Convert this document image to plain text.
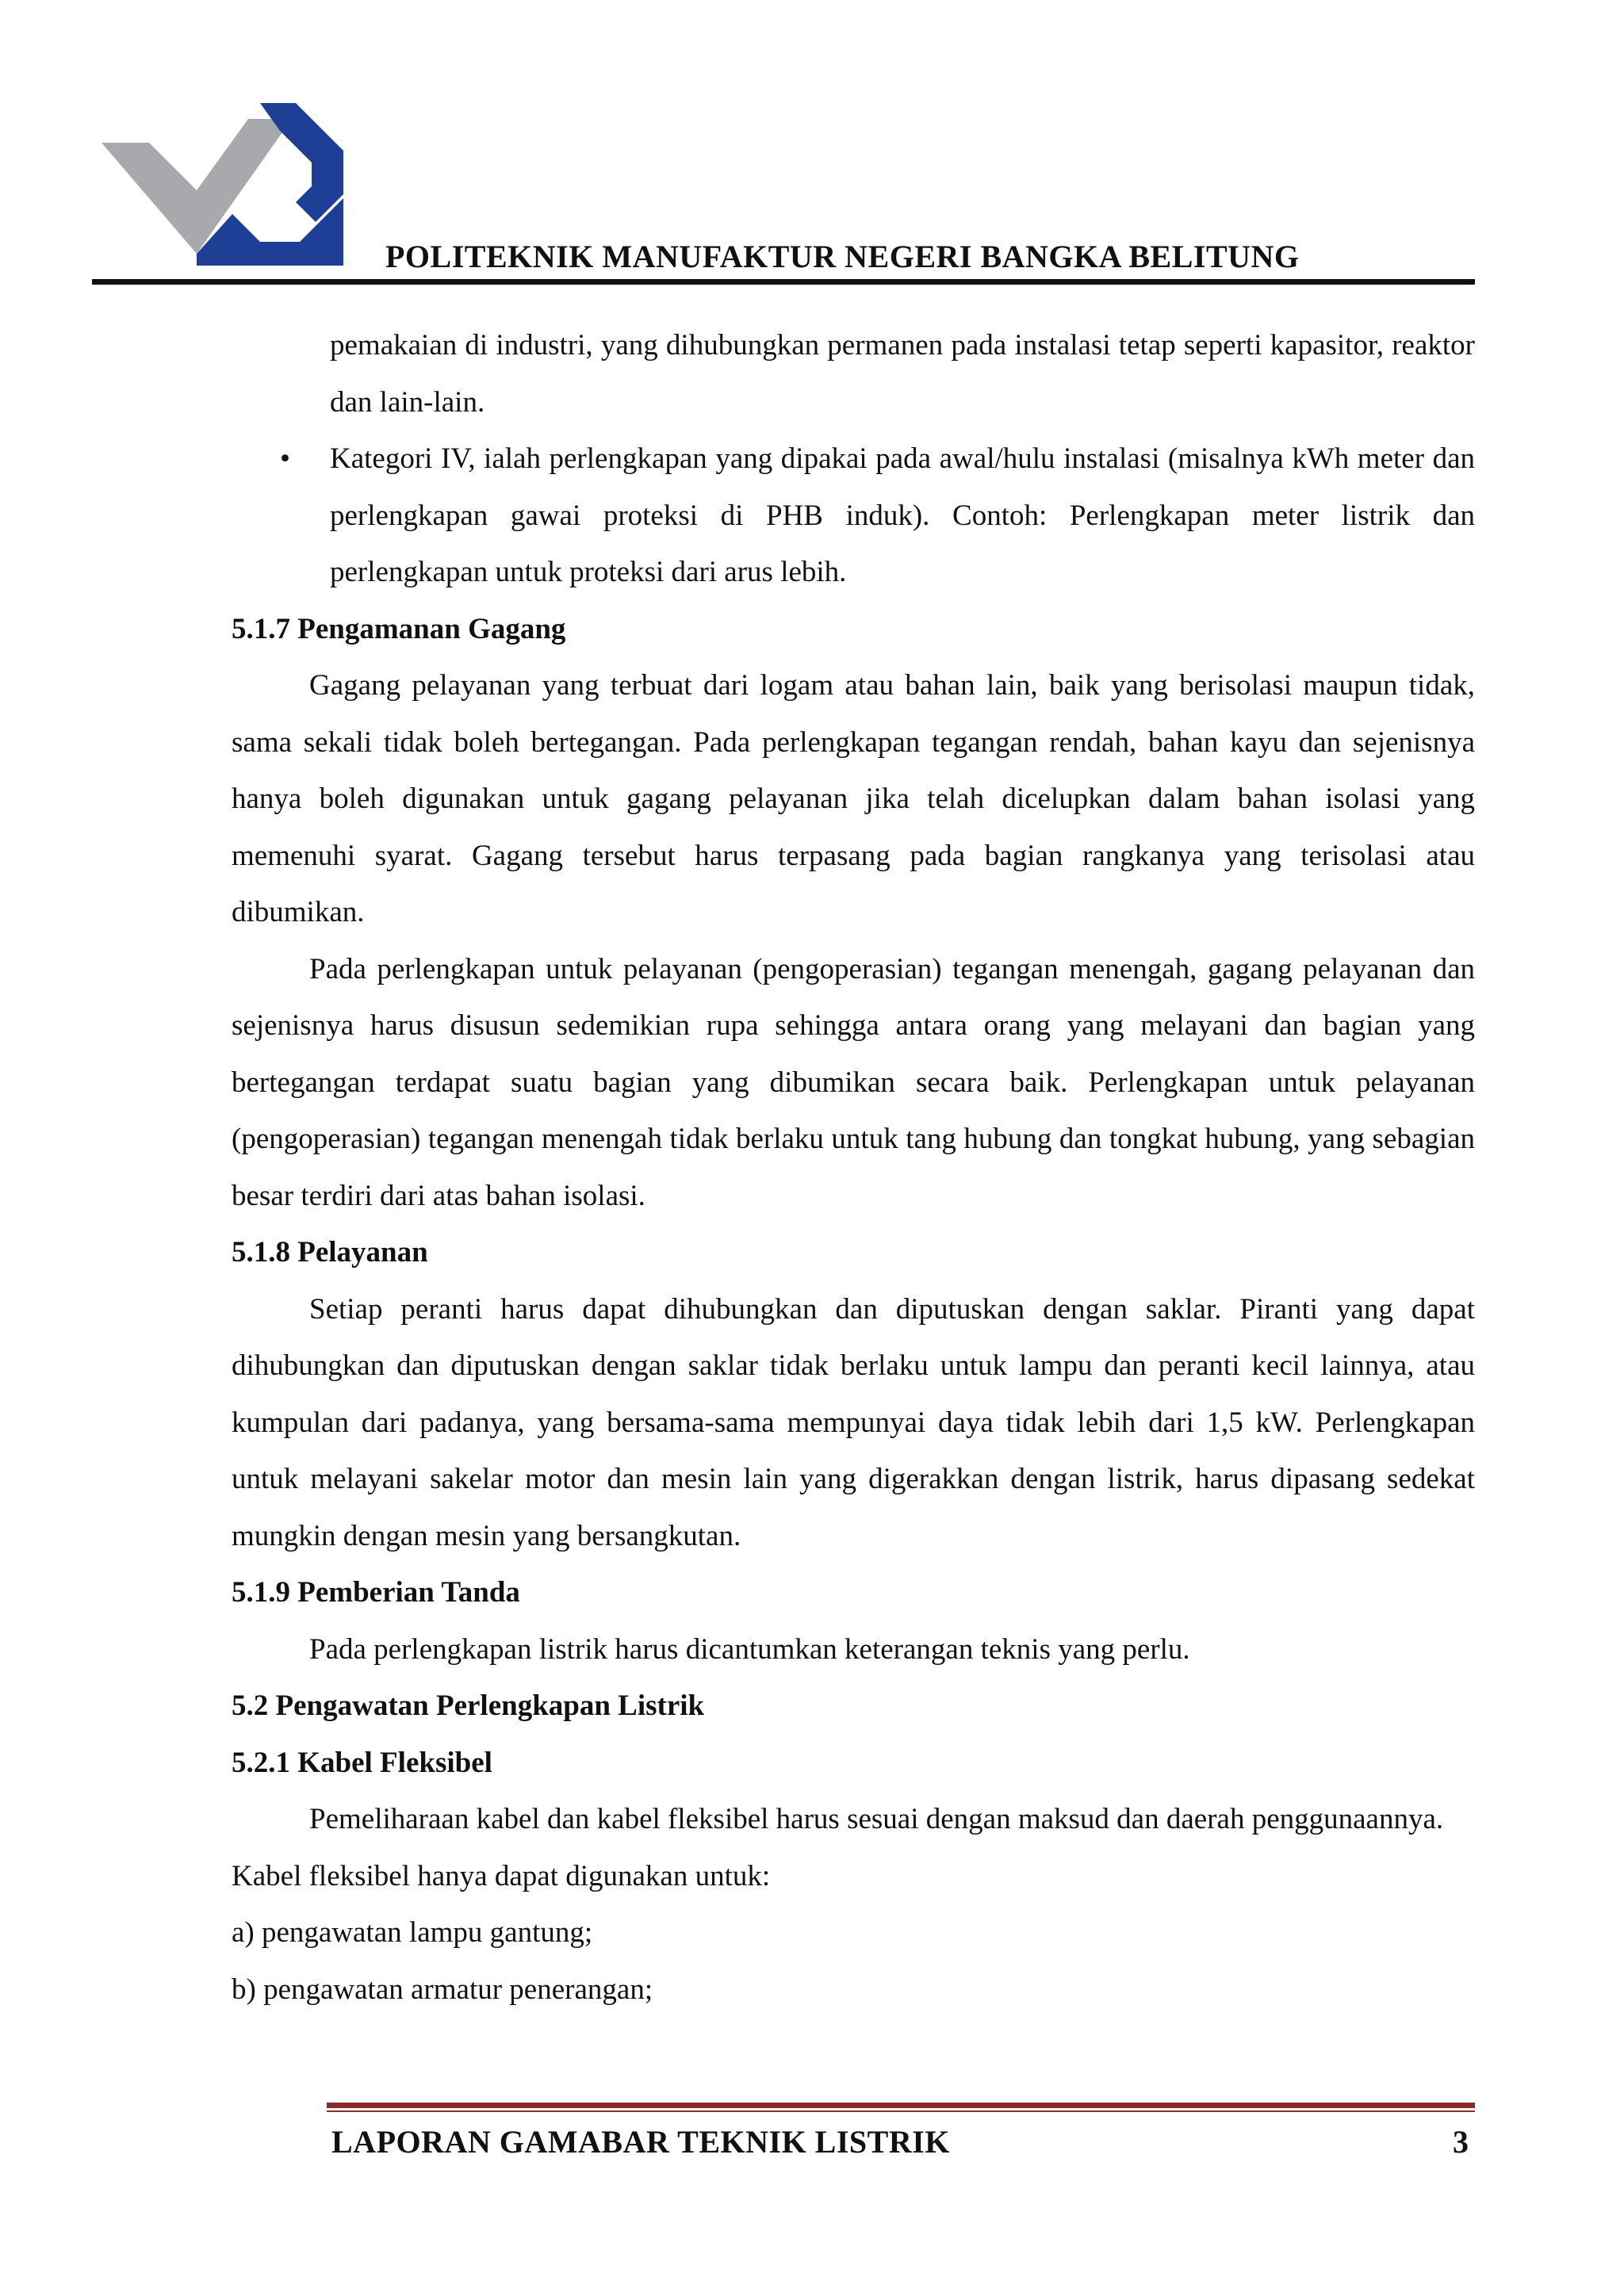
POLITEKNIK MANUFAKTUR NEGERI BANGKA BELITUNG

pemakaian di industri, yang dihubungkan permanen pada instalasi tetap seperti kapasitor, reaktor dan lain-lain.

• Kategori IV, ialah perlengkapan yang dipakai pada awal/hulu instalasi (misalnya kWh meter dan perlengkapan gawai proteksi di PHB induk). Contoh: Perlengkapan meter listrik dan perlengkapan untuk proteksi dari arus lebih.

5.1.7 Pengamanan Gagang

Gagang pelayanan yang terbuat dari logam atau bahan lain, baik yang berisolasi maupun tidak, sama sekali tidak boleh bertegangan. Pada perlengkapan tegangan rendah, bahan kayu dan sejenisnya hanya boleh digunakan untuk gagang pelayanan jika telah dicelupkan dalam bahan isolasi yang memenuhi syarat. Gagang tersebut harus terpasang pada bagian rangkanya yang terisolasi atau dibumikan.

Pada perlengkapan untuk pelayanan (pengoperasian) tegangan menengah, gagang pelayanan dan sejenisnya harus disusun sedemikian rupa sehingga antara orang yang melayani dan bagian yang bertegangan terdapat suatu bagian yang dibumikan secara baik. Perlengkapan untuk pelayanan (pengoperasian) tegangan menengah tidak berlaku untuk tang hubung dan tongkat hubung, yang sebagian besar terdiri dari atas bahan isolasi.

5.1.8 Pelayanan

Setiap peranti harus dapat dihubungkan dan diputuskan dengan saklar. Piranti yang dapat dihubungkan dan diputuskan dengan saklar tidak berlaku untuk lampu dan peranti kecil lainnya, atau kumpulan dari padanya, yang bersama-sama mempunyai daya tidak lebih dari 1,5 kW. Perlengkapan untuk melayani sakelar motor dan mesin lain yang digerakkan dengan listrik, harus dipasang sedekat mungkin dengan mesin yang bersangkutan.

5.1.9 Pemberian Tanda

Pada perlengkapan listrik harus dicantumkan keterangan teknis yang perlu.

5.2 Pengawatan Perlengkapan Listrik

5.2.1 Kabel Fleksibel

Pemeliharaan kabel dan kabel fleksibel harus sesuai dengan maksud dan daerah penggunaannya.

Kabel fleksibel hanya dapat digunakan untuk:

a) pengawatan lampu gantung;

b) pengawatan armatur penerangan;

LAPORAN GAMABAR TEKNIK LISTRIK	3
